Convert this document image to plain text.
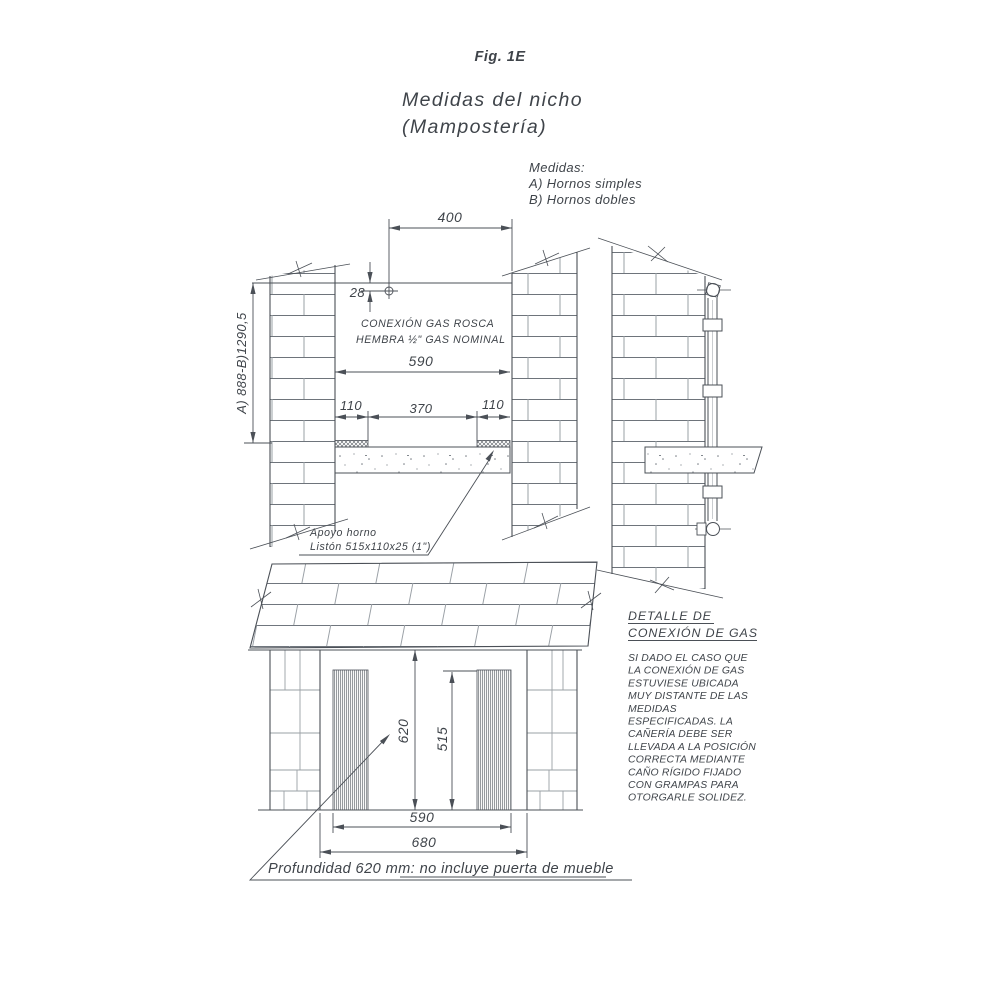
400
28
CONEXIÓN GAS ROSCA
HEMBRA ½" GAS NOMINAL
590
110	370	110
A) 888-B)1290,5
Apoyo horno
Listón 515x110x25 (1")
620 515
590
680
Profundidad 620 mm: no incluye puerta de mueble
Fig. 1E
Medidas del nicho
(Mampostería)
Medidas:
A) Hornos simples
B) Hornos dobles
DETALLE DE
CONEXIÓN DE GAS
SI DADO EL CASO QUE
LA CONEXIÓN DE GAS
ESTUVIESE UBICADA
MUY DISTANTE DE LAS
MEDIDAS
ESPECIFICADAS. LA
CAÑERÍA DEBE SER
LLEVADA A LA POSICIÓN
CORRECTA MEDIANTE
CAÑO RÍGIDO FIJADO
CON GRAMPAS PARA
OTORGARLE SOLIDEZ.
